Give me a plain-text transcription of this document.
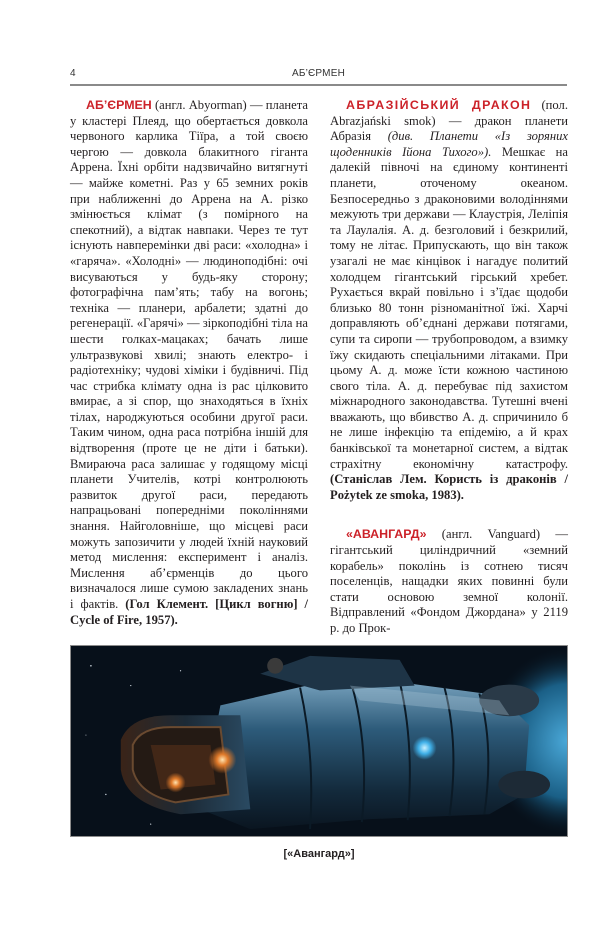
4	АБ’ЄРМЕН

АБ’ЄРМЕН (англ. Abyorman) — планета у кластері Плеяд, що обертається довкола червоного карлика Тіїра, а той своєю чергою — довкола блакитного гіганта Аррена. Їхні орбіти надзвичайно витягнуті — майже кометні. Раз у 65 земних років при наближенні до Аррена на А. різко змінюється клімат (з помірного на спекотний), а відтак навпаки. Через те тут існують навперемінки дві раси: «холодна» і «гаряча». «Холодні» — людиноподібні: очі висуваються у будь-яку сторону; фотографічна пам’ять; табу на вогонь; техніка — планери, арбалети; здатні до регенерації. «Гарячі» — зіркоподібні тіла на шести голках-мацаках; бачать лише ультразвукові хвилі; знають електро- і радіотехніку; чудові хіміки і будівничі. Під час стрибка клімату одна із рас цілковито вмирає, а зі спор, що знаходяться в їхніх тілах, народжуються особини другої раси. Таким чином, одна раса потрібна іншій для відтворення (проте це не діти і батьки). Вмираюча раса залишає у годящому місці планети Учителів, котрі контролюють развиток другої раси, передають напрацьовані попередніми поколіннями знання. Найголовніше, що місцеві раси можуть запозичити у людей їхній науковий метод мислення: експеримент і аналіз. Мислення аб’єрменців до цього визначалося лише сумою закладених знань і фактів. (Гол Клемент. [Цикл вогню] / Cycle of Fire, 1957).

АБРАЗІЙСЬКИЙ ДРАКОН (пол. Abrazjański smok) — дракон планети Абразія (див. Планети «Із зоряних щоденників Ійона Тихого»). Мешкає на далекій півночі на єдиному континенті планети, оточеному океаном. Безпосередньо з драконовими володіннями межують три держави — Клаустрія, Лелiпія та Лаулалія. А. д. безголовий і безкрилий, тому не літає. Припускають, що він також узагалі не має кінцівок і нагадує политий холодцем гігантський гірський хребет. Рухається вкрай повільно і з’їдає щодоби близько 80 тонн різноманітної їжі. Харчі доправляють об’єднані держави потягами, супи та сиропи — трубопроводом, а взимку їжу скидають спеціальними літаками. При цьому А. д. може їсти кожною частиною свого тіла. А. д. перебуває під захистом міжнародного законодавства. Тутешні вчені вважають, що вбивство А. д. спричинило б не лише інфекцію та епідемію, а й крах банківської та монетарної систем, а відтак страхітну економічну катастрофу. (Станіслав Лем. Користь із драконів / Pożytek ze smoka, 1983).

«АВАНГАРД» (англ. Vanguard) — гігантський циліндричний «земний корабель» поколінь із сотнею тисяч поселенців, нащадки яких повинні були стати основою земної колонії. Відправлений «Фондом Джордана» у 2119 р. до Прок-

[«Авангард»]
